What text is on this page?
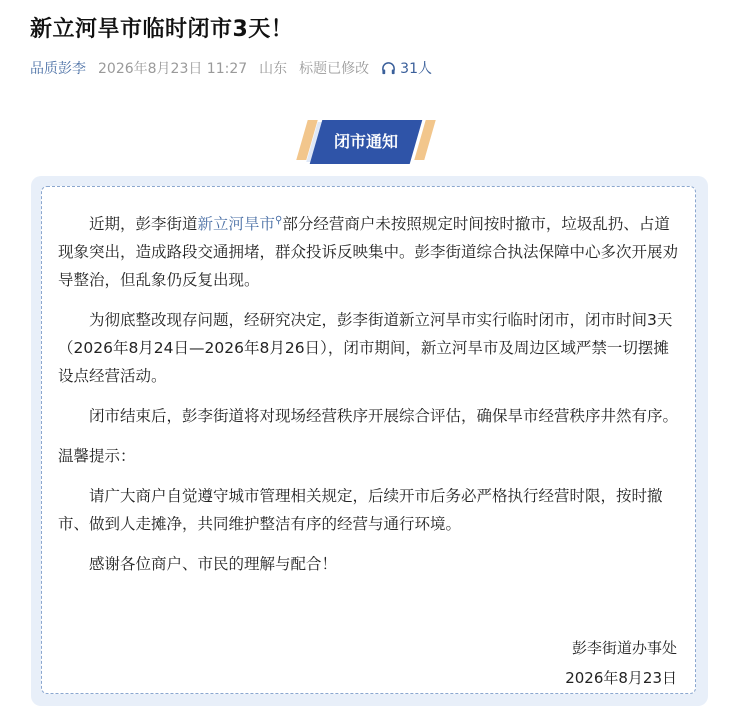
新立河旱市临时闭市3天！
品质彭李 2026年8月23日 11:27 山东 标题已修改 31人
闭市通知

近期，彭李街道新立河旱市⚲部分经营商户未按照规定时间按时撤市，垃圾乱扔、占道现象突出，造成路段交通拥堵，群众投诉反映集中。彭李街道综合执法保障中心多次开展劝导整治，但乱象仍反复出现。

为彻底整改现存问题，经研究决定，彭李街道新立河旱市实行临时闭市，闭市时间3天（2026年8月24日—2026年8月26日），闭市期间，新立河旱市及周边区域严禁一切摆摊设点经营活动。

闭市结束后，彭李街道将对现场经营秩序开展综合评估，确保旱市经营秩序井然有序。

温馨提示：

请广大商户自觉遵守城市管理相关规定，后续开市后务必严格执行经营时限，按时撤市、做到人走摊净，共同维护整洁有序的经营与通行环境。

感谢各位商户、市民的理解与配合！

彭李街道办事处
2026年8月23日
